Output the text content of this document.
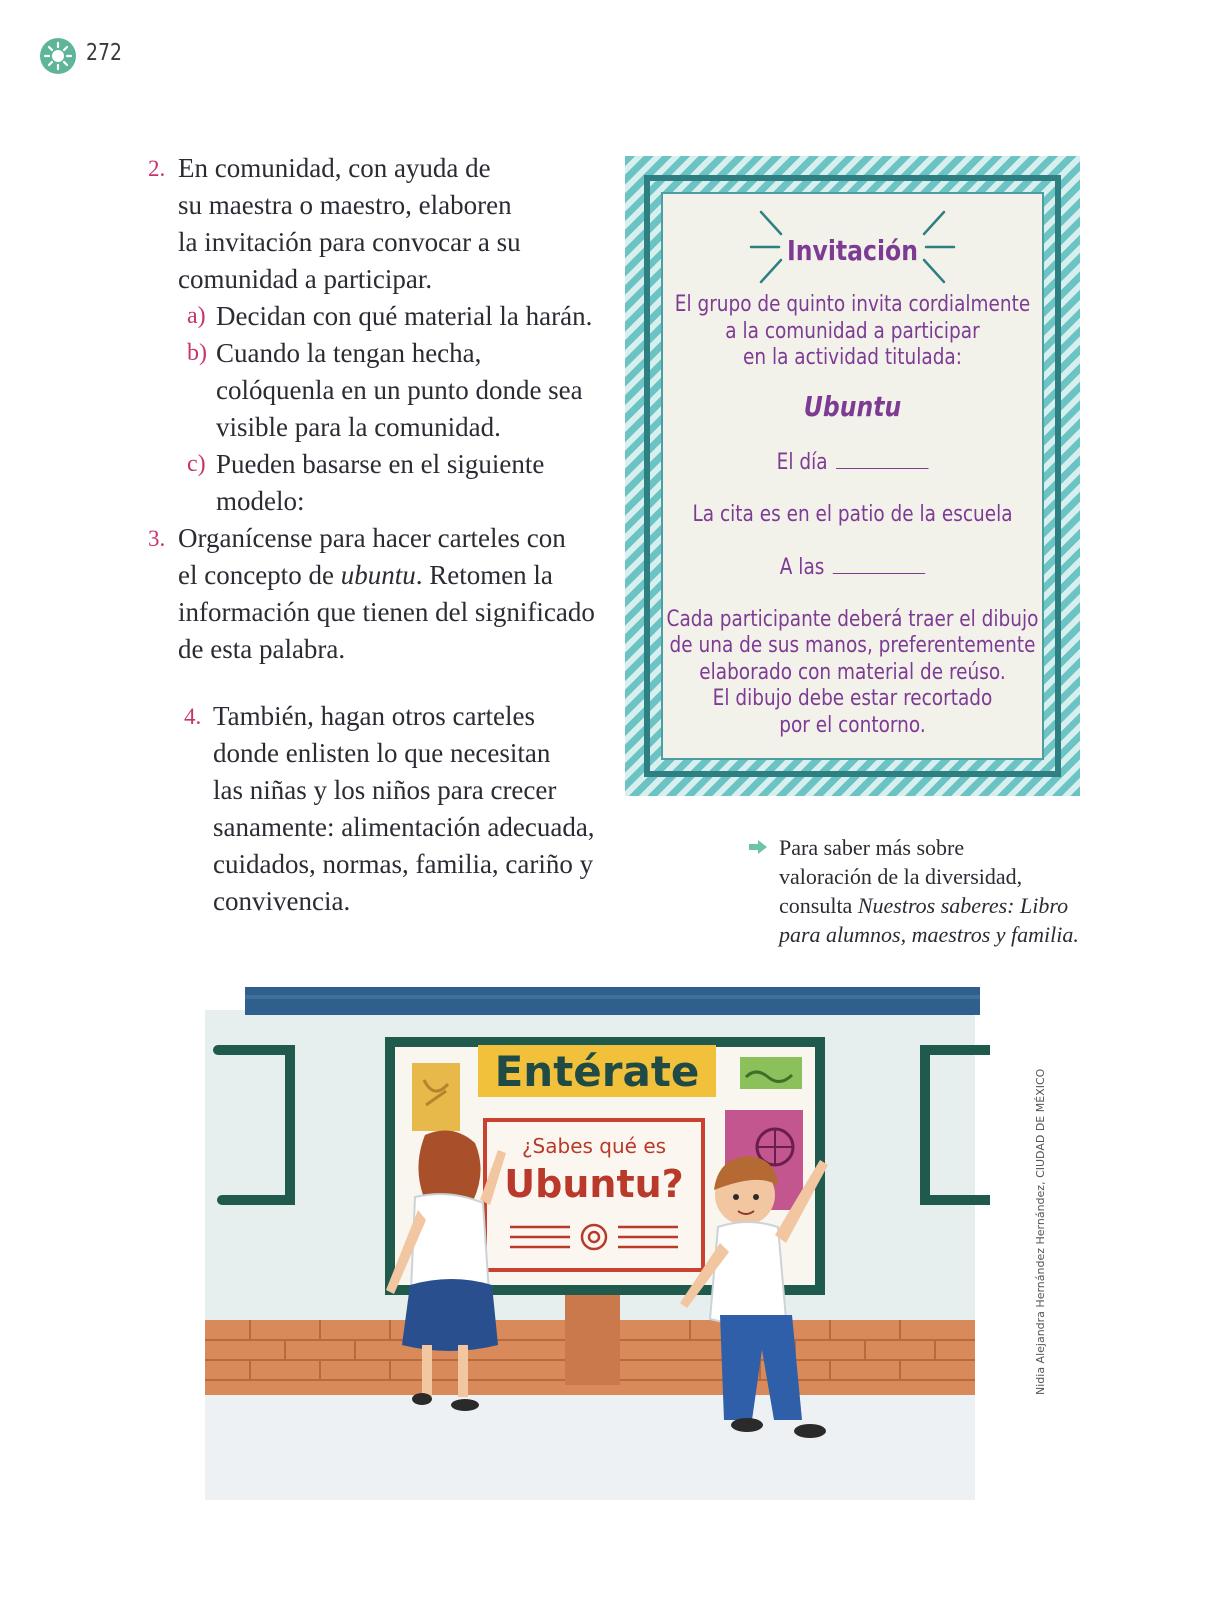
272
2. En comunidad, con ayuda de
su maestra o maestro, elaboren
la invitación para convocar a su
comunidad a participar.
a) Decidan con qué material la harán.
b) Cuando la tengan hecha,
colóquenla en un punto donde sea
visible para la comunidad.
c) Pueden basarse en el siguiente
modelo:
3. Organícense para hacer carteles con
el concepto de ubuntu. Retomen la
información que tienen del significado
de esta palabra.
4. También, hagan otros carteles
donde enlisten lo que necesitan
las niñas y los niños para crecer
sanamente: alimentación adecuada,
cuidados, normas, familia, cariño y
convivencia.
Invitación
El grupo de quinto invita cordialmente
a la comunidad a participar
en la actividad titulada:
Ubuntu
El día
La cita es en el patio de la escuela
A las
Cada participante deberá traer el dibujo
de una de sus manos, preferentemente
elaborado con material de reúso.
El dibujo debe estar recortado
por el contorno.
Para saber más sobre
valoración de la diversidad,
consulta Nuestros saberes: Libro
para alumnos, maestros y familia.
Entérate
¿Sabes qué es
Ubuntu?	Nidia Alejandra Hernández Hernández, CIUDAD DE MÉXICO
